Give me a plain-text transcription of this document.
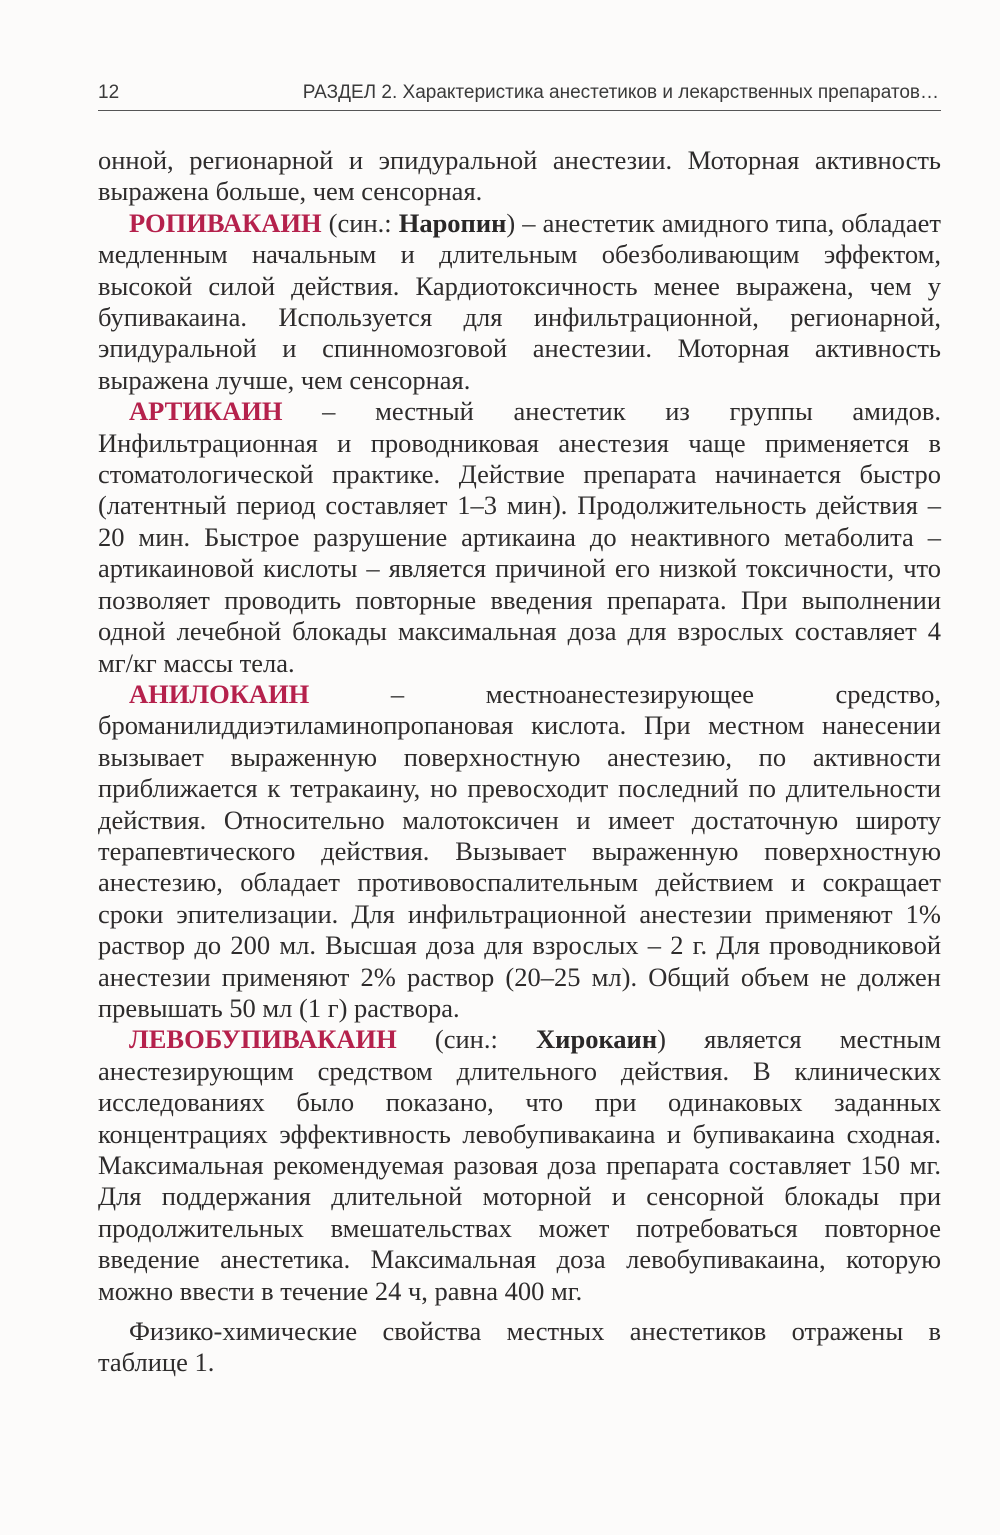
12	РАЗДЕЛ 2. Характеристика анестетиков и лекарственных препаратов…

онной, регионарной и эпидуральной анестезии. Моторная активность выражена больше, чем сенсорная.

РОПИВАКАИН (син.: Наропин) – анестетик амидного типа, обладает медленным начальным и длительным обезболивающим эффектом, высокой силой действия. Кардиотоксичность менее выражена, чем у бупивакаина. Используется для инфильтрационной, регионарной, эпидуральной и спинномозговой анестезии. Моторная активность выражена лучше, чем сенсорная.

АРТИКАИН – местный анестетик из группы амидов. Инфильтрационная и проводниковая анестезия чаще применяется в стоматологической практике. Действие препарата начинается быстро (латентный период составляет 1–3 мин). Продолжительность действия – 20 мин. Быстрое разрушение артикаина до неактивного метаболита – артикаиновой кислоты – является причиной его низкой токсичности, что позволяет проводить повторные введения препарата. При выполнении одной лечебной блокады максимальная доза для взрослых составляет 4 мг/кг массы тела.

АНИЛОКАИН – местноанестезирующее средство, броманилиддиэтиламинопропановая кислота. При местном нанесении вызывает выраженную поверхностную анестезию, по активности приближается к тетракаину, но превосходит последний по длительности действия. Относительно малотоксичен и имеет достаточную широту терапевтического действия. Вызывает выраженную поверхностную анестезию, обладает противовоспалительным действием и сокращает сроки эпителизации. Для инфильтрационной анестезии применяют 1% раствор до 200 мл. Высшая доза для взрослых – 2 г. Для проводниковой анестезии применяют 2% раствор (20–25 мл). Общий объем не должен превышать 50 мл (1 г) раствора.

ЛЕВОБУПИВАКАИН (син.: Хирокаин) является местным анестезирующим средством длительного действия. В клинических исследованиях было показано, что при одинаковых заданных концентрациях эффективность левобупивакаина и бупивакаина сходная. Максимальная рекомендуемая разовая доза препарата составляет 150 мг. Для поддержания длительной моторной и сенсорной блокады при продолжительных вмешательствах может потребоваться повторное введение анестетика. Максимальная доза левобупивакаина, которую можно ввести в течение 24 ч, равна 400 мг.

Физико-химические свойства местных анестетиков отражены в таблице 1.
